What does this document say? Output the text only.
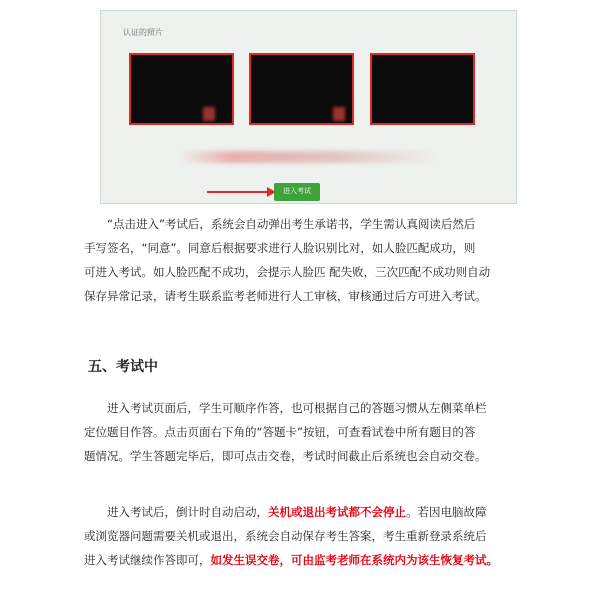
认证的照片
进入考试

“点击进入”考试后，系统会自动弹出考生承诺书，学生需认真阅读后然后
手写签名，“同意”。同意后根据要求进行人脸识别比对，如人脸匹配成功，则
可进入考试。如人脸匹配不成功，会提示人脸匹 配失败，三次匹配不成功则自动
保存异常记录，请考生联系监考老师进行人工审核，审核通过后方可进入考试。

五、考试中

进入考试页面后，学生可顺序作答，也可根据自己的答题习惯从左侧菜单栏
定位题目作答。点击页面右下角的“答题卡”按钮，可查看试卷中所有题目的答
题情况。学生答题完毕后，即可点击交卷，考试时间截止后系统也会自动交卷。

进入考试后，倒计时自动启动，关机或退出考试都不会停止。若因电脑故障
或浏览器问题需要关机或退出，系统会自动保存考生答案，考生重新登录系统后
进入考试继续作答即可，如发生误交卷，可由监考老师在系统内为该生恢复考试。
